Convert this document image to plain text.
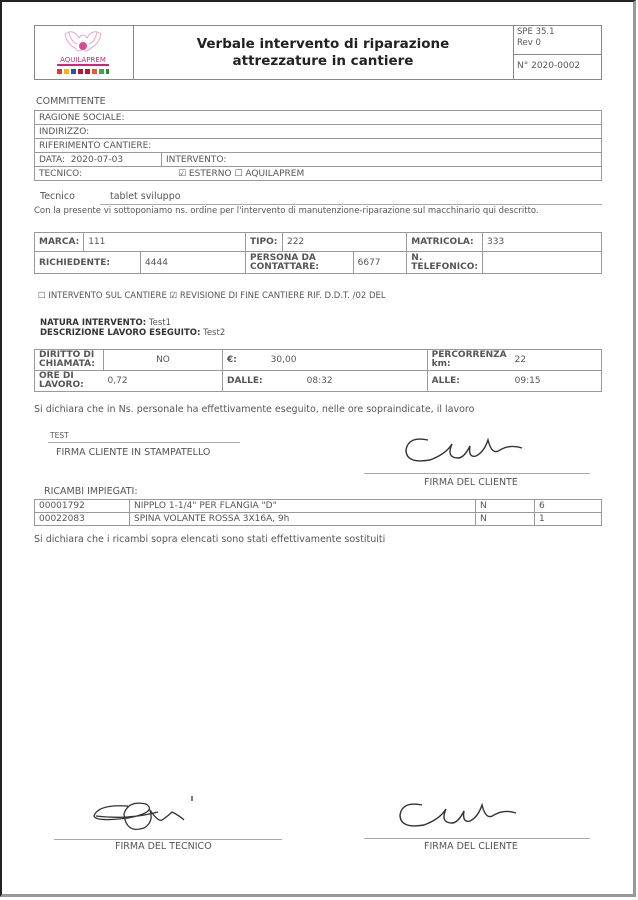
AQUILAPREM
Verbale intervento di riparazione
attrezzature in cantiere
SPE 35.1
Rev 0
N° 2020-0002
COMMITTENTE
RAGIONE SOCIALE:
INDIRIZZO:
RIFERIMENTO CANTIERE:
DATA: 2020-07-03	INTERVENTO:
TECNICO:	☑ ESTERNO ☐ AQUILAPREM
Tecnico	tablet sviluppo
Con la presente vi sottoponiamo ns. ordine per l'intervento di manutenzione-riparazione sul macchinario qui descritto.
MARCA:	111		TIPO:	222		MATRICOLA:	333
RICHIEDENTE:		4444	PERSONA DA CONTATTARE:		6677	N. TELEFONICO:	
☐ INTERVENTO SUL CANTIERE ☑ REVISIONE DI FINE CANTIERE RIF. D.D.T. /02 DEL
NATURA INTERVENTO: Test1
DESCRIZIONE LAVORO ESEGUITO: Test2
DIRITTO DI CHIAMATA:	NO	€:	30,00	PERCORRENZA km:	22
ORE DI LAVORO:	0,72	DALLE:	08:32	ALLE:	09:15
Si dichiara che in Ns. personale ha effettivamente eseguito, nelle ore sopraindicate, il lavoro
TEST
FIRMA CLIENTE IN STAMPATELLO
FIRMA DEL CLIENTE
RICAMBI IMPIEGATI:
00001792	NIPPLO 1-1/4" PER FLANGIA "D"	N	6
00022083	SPINA VOLANTE ROSSA 3X16A, 9h	N	1
Si dichiara che i ricambi sopra elencati sono stati effettivamente sostituiti
FIRMA DEL TECNICO	FIRMA DEL CLIENTE
